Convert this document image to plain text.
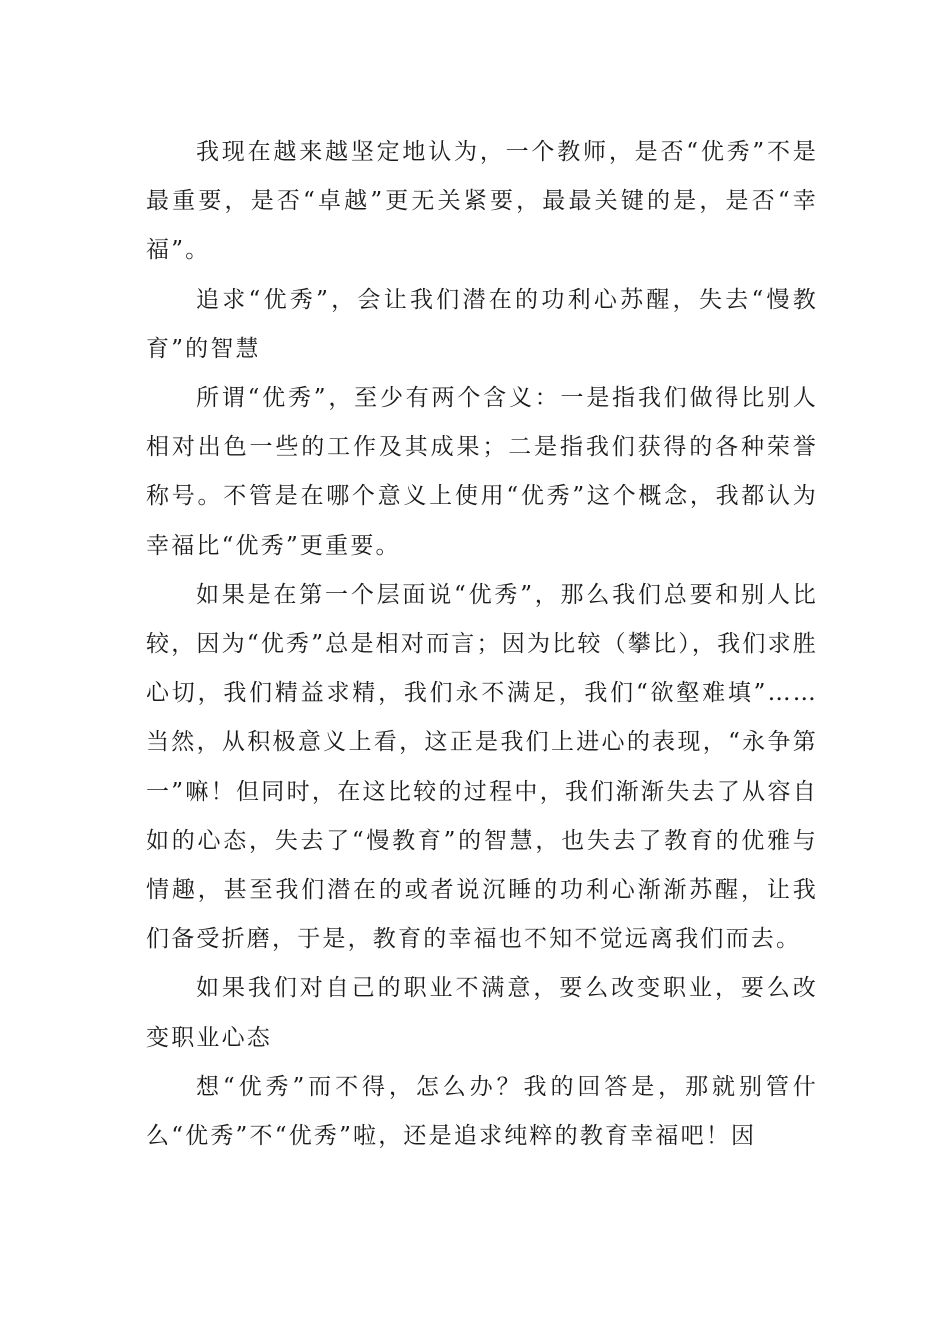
我现在越来越坚定地认为，一个教师，是否“优秀”不是最重要，是否“卓越”更无关紧要，最最关键的是，是否“幸福”。

追求“优秀”，会让我们潜在的功利心苏醒，失去“慢教育”的智慧

所谓“优秀”，至少有两个含义：一是指我们做得比别人相对出色一些的工作及其成果；二是指我们获得的各种荣誉称号。不管是在哪个意义上使用“优秀”这个概念，我都认为幸福比“优秀”更重要。

如果是在第一个层面说“优秀”，那么我们总要和别人比较，因为“优秀”总是相对而言；因为比较（攀比），我们求胜心切，我们精益求精，我们永不满足，我们“欲壑难填”……当然，从积极意义上看，这正是我们上进心的表现，“永争第一”嘛！但同时，在这比较的过程中，我们渐渐失去了从容自如的心态，失去了“慢教育”的智慧，也失去了教育的优雅与情趣，甚至我们潜在的或者说沉睡的功利心渐渐苏醒，让我们备受折磨，于是，教育的幸福也不知不觉远离我们而去。

如果我们对自己的职业不满意，要么改变职业，要么改变职业心态

想“优秀”而不得，怎么办？我的回答是，那就别管什么“优秀”不“优秀”啦，还是追求纯粹的教育幸福吧！因
